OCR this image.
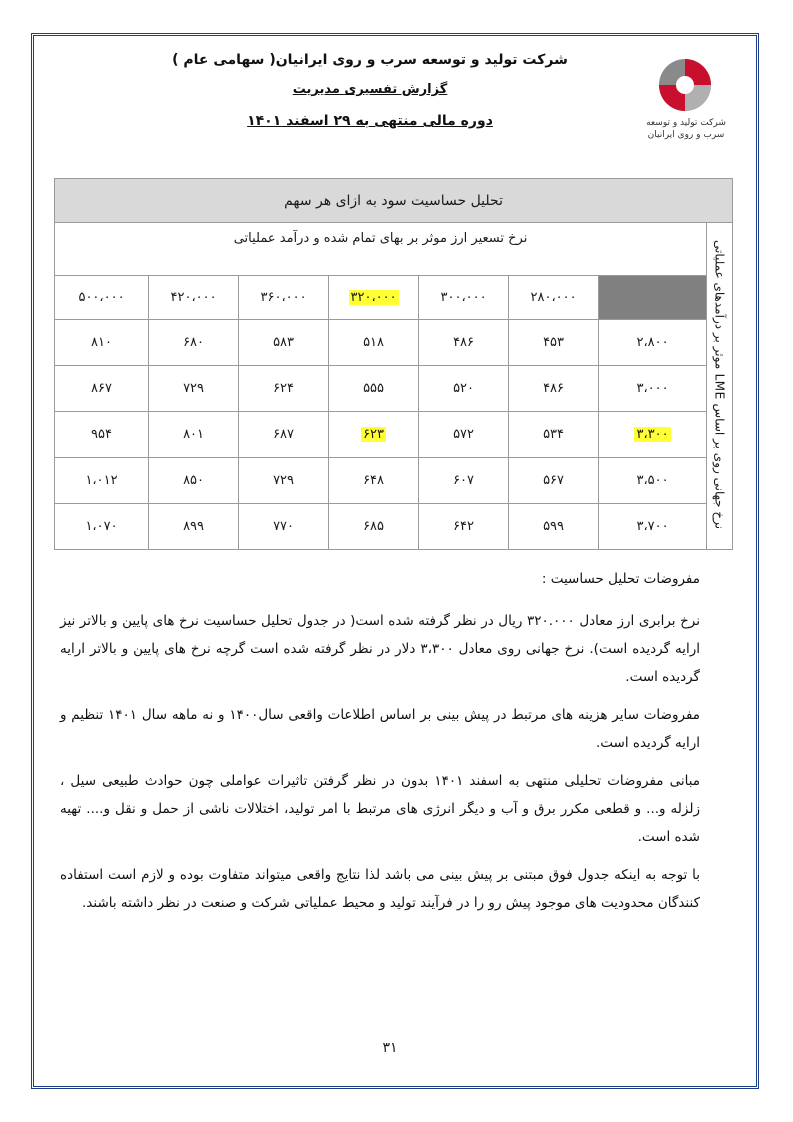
شرکت تولید و توسعه
سرب و روی ایرانیان
شرکت تولید و توسعه سرب و روی ایرانیان( سهامی عام )
گزارش تفسیری مدیریت
دوره مالی منتهی به ۲۹ اسفند ۱۴۰۱
تحلیل حساسیت سود به ازای هر سهم							
نرخ جهانی روی بر اساس LME موثر بر درآمدهای عملیاتی	نرخ تسعیر ارز موثر بر بهای تمام شده و درآمد عملیاتی						
		۲۸۰،۰۰۰	۳۰۰،۰۰۰	۳۲۰،۰۰۰	۳۶۰،۰۰۰	۴۲۰،۰۰۰	۵۰۰،۰۰۰
	۲،۸۰۰	۴۵۳	۴۸۶	۵۱۸	۵۸۳	۶۸۰	۸۱۰
	۳،۰۰۰	۴۸۶	۵۲۰	۵۵۵	۶۲۴	۷۲۹	۸۶۷
	۳،۳۰۰	۵۳۴	۵۷۲	۶۲۳	۶۸۷	۸۰۱	۹۵۴
	۳،۵۰۰	۵۶۷	۶۰۷	۶۴۸	۷۲۹	۸۵۰	۱،۰۱۲
	۳،۷۰۰	۵۹۹	۶۴۲	۶۸۵	۷۷۰	۸۹۹	۱،۰۷۰

مفروضات تحلیل حساسیت :

نرخ برابری ارز معادل ۳۲۰.۰۰۰ ریال در نظر گرفته شده است( در جدول تحلیل حساسیت نرخ های پایین و بالاتر نیز ارایه گردیده است). نرخ جهانی روی معادل ۳،۳۰۰ دلار در نظر گرفته شده است گرچه نرخ های پایین و بالاتر ارایه گردیده است.

مفروضات سایر هزینه های مرتبط در پیش بینی بر اساس اطلاعات واقعی سال۱۴۰۰ و نه ماهه سال ۱۴۰۱ تنظیم و ارایه گردیده است.

مبانی مفروضات تحلیلی منتهی به اسفند ۱۴۰۱ بدون در نظر گرفتن تاثیرات عواملی چون حوادث طبیعی سیل ، زلزله و... و قطعی مکرر برق و آب و دیگر انرژی های مرتبط با امر تولید، اختلالات ناشی از حمل و نقل و.... تهیه شده است.

با توجه به اینکه جدول فوق مبتنی بر پیش بینی می باشد لذا نتایج واقعی میتواند متفاوت بوده و لازم است استفاده کنندگان محدودیت های موجود پیش رو را در فرآیند تولید و محیط عملیاتی شرکت و صنعت در نظر داشته باشند.

۳۱
